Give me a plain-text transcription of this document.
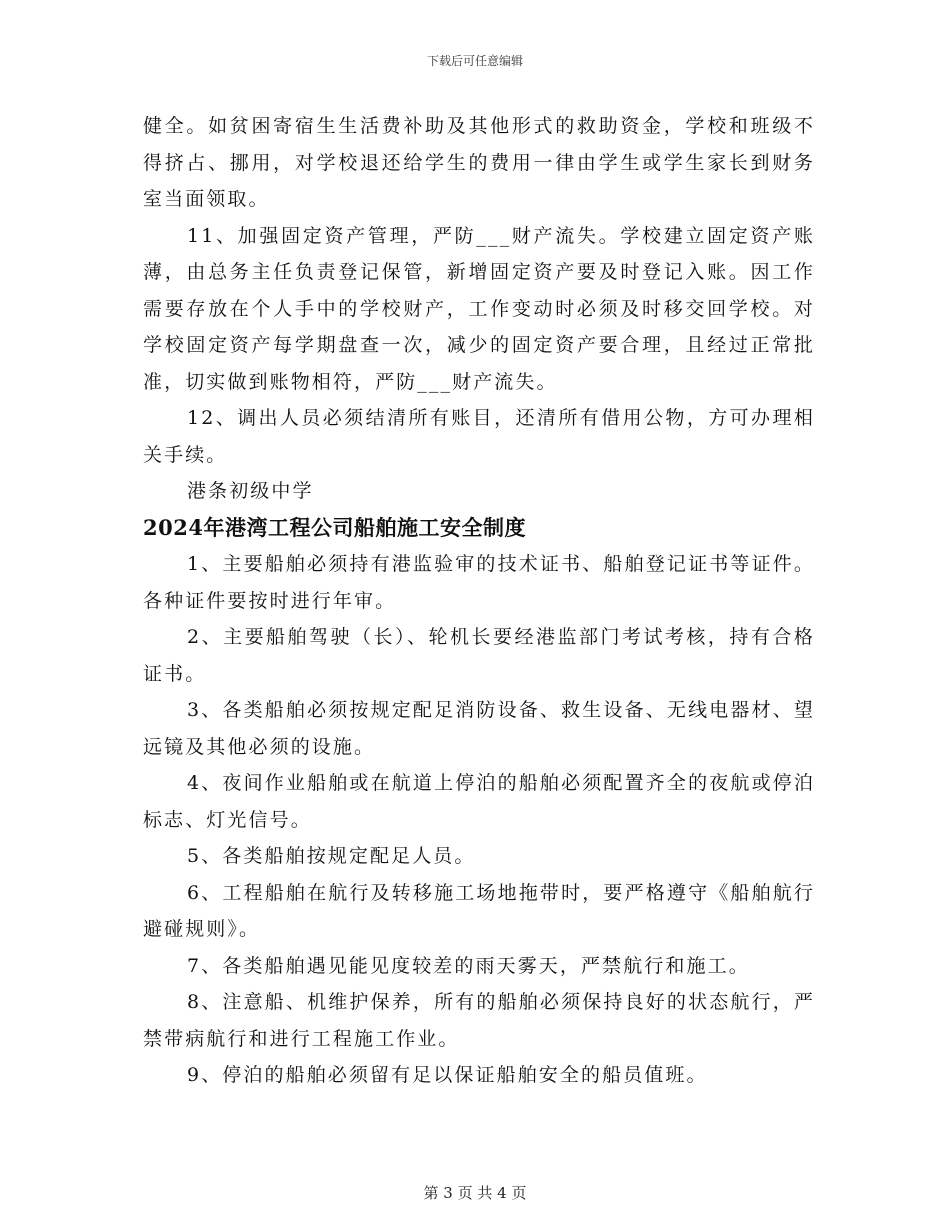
下载后可任意编辑

健全。如贫困寄宿生生活费补助及其他形式的救助资金，学校和班级不得挤占、挪用，对学校退还给学生的费用一律由学生或学生家长到财务室当面领取。

11、加强固定资产管理，严防___财产流失。学校建立固定资产账薄，由总务主任负责登记保管，新增固定资产要及时登记入账。因工作需要存放在个人手中的学校财产，工作变动时必须及时移交回学校。对学校固定资产每学期盘查一次，减少的固定资产要合理，且经过正常批准，切实做到账物相符，严防___财产流失。

12、调出人员必须结清所有账目，还清所有借用公物，方可办理相关手续。

港条初级中学

2024年港湾工程公司船舶施工安全制度

1、主要船舶必须持有港监验审的技术证书、船舶登记证书等证件。各种证件要按时进行年审。

2、主要船舶驾驶（长）、轮机长要经港监部门考试考核，持有合格证书。

3、各类船舶必须按规定配足消防设备、救生设备、无线电器材、望远镜及其他必须的设施。

4、夜间作业船舶或在航道上停泊的船舶必须配置齐全的夜航或停泊标志、灯光信号。

5、各类船舶按规定配足人员。

6、工程船舶在航行及转移施工场地拖带时，要严格遵守《船舶航行避碰规则》。

7、各类船舶遇见能见度较差的雨天雾天，严禁航行和施工。

8、注意船、机维护保养，所有的船舶必须保持良好的状态航行，严禁带病航行和进行工程施工作业。

9、停泊的船舶必须留有足以保证船舶安全的船员值班。

第 3 页 共 4 页
